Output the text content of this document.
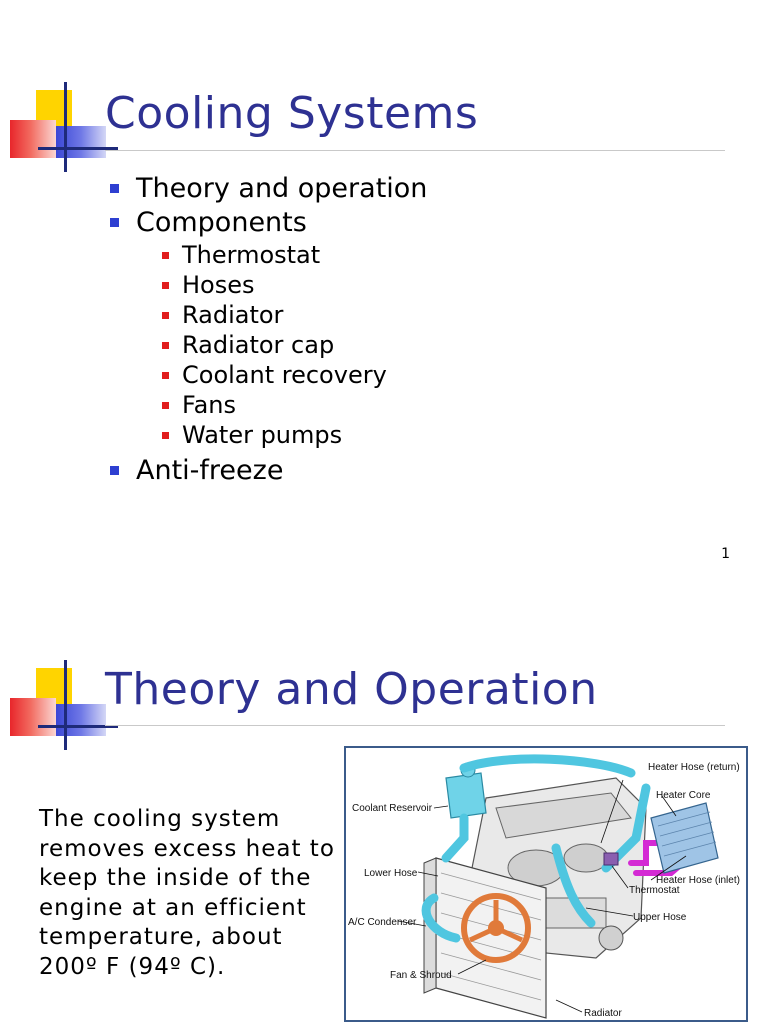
Cooling Systems
Theory and operation
Components
Thermostat
Hoses
Radiator
Radiator cap
Coolant recovery
Fans
Water pumps
Anti-freeze
1
Theory and Operation

The cooling system removes excess heat to keep the inside of the engine at an efficient temperature, about 200º F (94º C).

Heater Hose (return)
Heater Core
Coolant Reservoir
Lower Hose
Heater Hose (inlet)
Thermostat
Upper Hose
A/C Condenser
Fan & Shroud
Radiator
